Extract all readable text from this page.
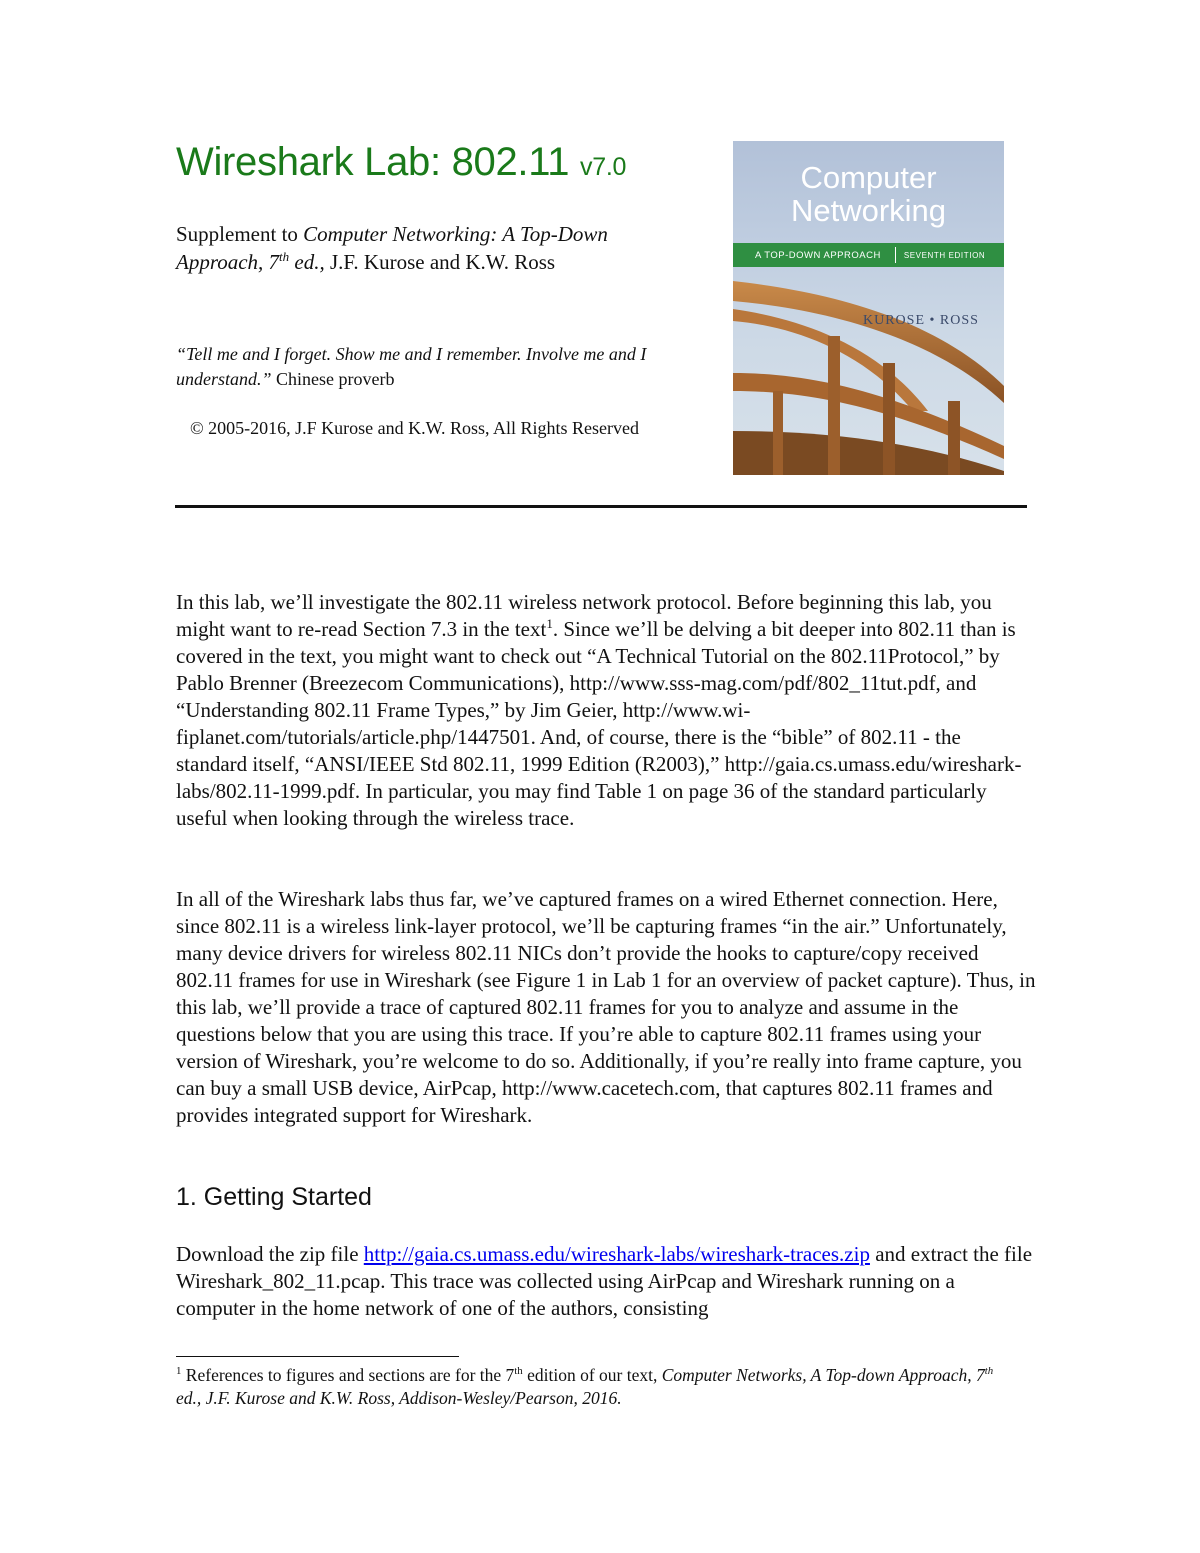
Wireshark Lab: 802.11 v7.0
Supplement to Computer Networking: A Top-Down Approach, 7th ed., J.F. Kurose and K.W. Ross
“Tell me and I forget. Show me and I remember. Involve me and I understand.” Chinese proverb
© 2005-2016, J.F Kurose and K.W. Ross, All Rights Reserved
Computer
Networking
A TOP-DOWN APPROACH	SEVENTH EDITION
KUROSE • ROSS
In this lab, we’ll investigate the 802.11 wireless network protocol. Before beginning this lab, you might want to re-read Section 7.3 in the text$^1$. Since we’ll be delving a bit deeper into 802.11 than is covered in the text, you might want to check out “A Technical Tutorial on the 802.11Protocol,” by Pablo Brenner (Breezecom Communications), http://www.sss-mag.com/pdf/802_11tut.pdf, and “Understanding 802.11 Frame Types,” by Jim Geier, http://www.wi-fiplanet.com/tutorials/article.php/1447501. And, of course, there is the “bible” of 802.11 - the standard itself, “ANSI/IEEE Std 802.11, 1999 Edition (R2003),” http://gaia.cs.umass.edu/wireshark-labs/802.11-1999.pdf. In particular, you may find Table 1 on page 36 of the standard particularly useful when looking through the wireless trace.
In all of the Wireshark labs thus far, we’ve captured frames on a wired Ethernet connection. Here, since 802.11 is a wireless link-layer protocol, we’ll be capturing frames “in the air.” Unfortunately, many device drivers for wireless 802.11 NICs don’t provide the hooks to capture/copy received 802.11 frames for use in Wireshark (see Figure 1 in Lab 1 for an overview of packet capture). Thus, in this lab, we’ll provide a trace of captured 802.11 frames for you to analyze and assume in the questions below that you are using this trace. If you’re able to capture 802.11 frames using your version of Wireshark, you’re welcome to do so. Additionally, if you’re really into frame capture, you can buy a small USB device, AirPcap, http://www.cacetech.com, that captures 802.11 frames and provides integrated support for Wireshark.
1. Getting Started
Download the zip file http://gaia.cs.umass.edu/wireshark-labs/wireshark-traces.zip and extract the file Wireshark_802_11.pcap. This trace was collected using AirPcap and Wireshark running on a computer in the home network of one of the authors, consisting
$^1$ References to figures and sections are for the 7th edition of our text, Computer Networks, A Top-down Approach, 7th ed., J.F. Kurose and K.W. Ross, Addison-Wesley/Pearson, 2016.
